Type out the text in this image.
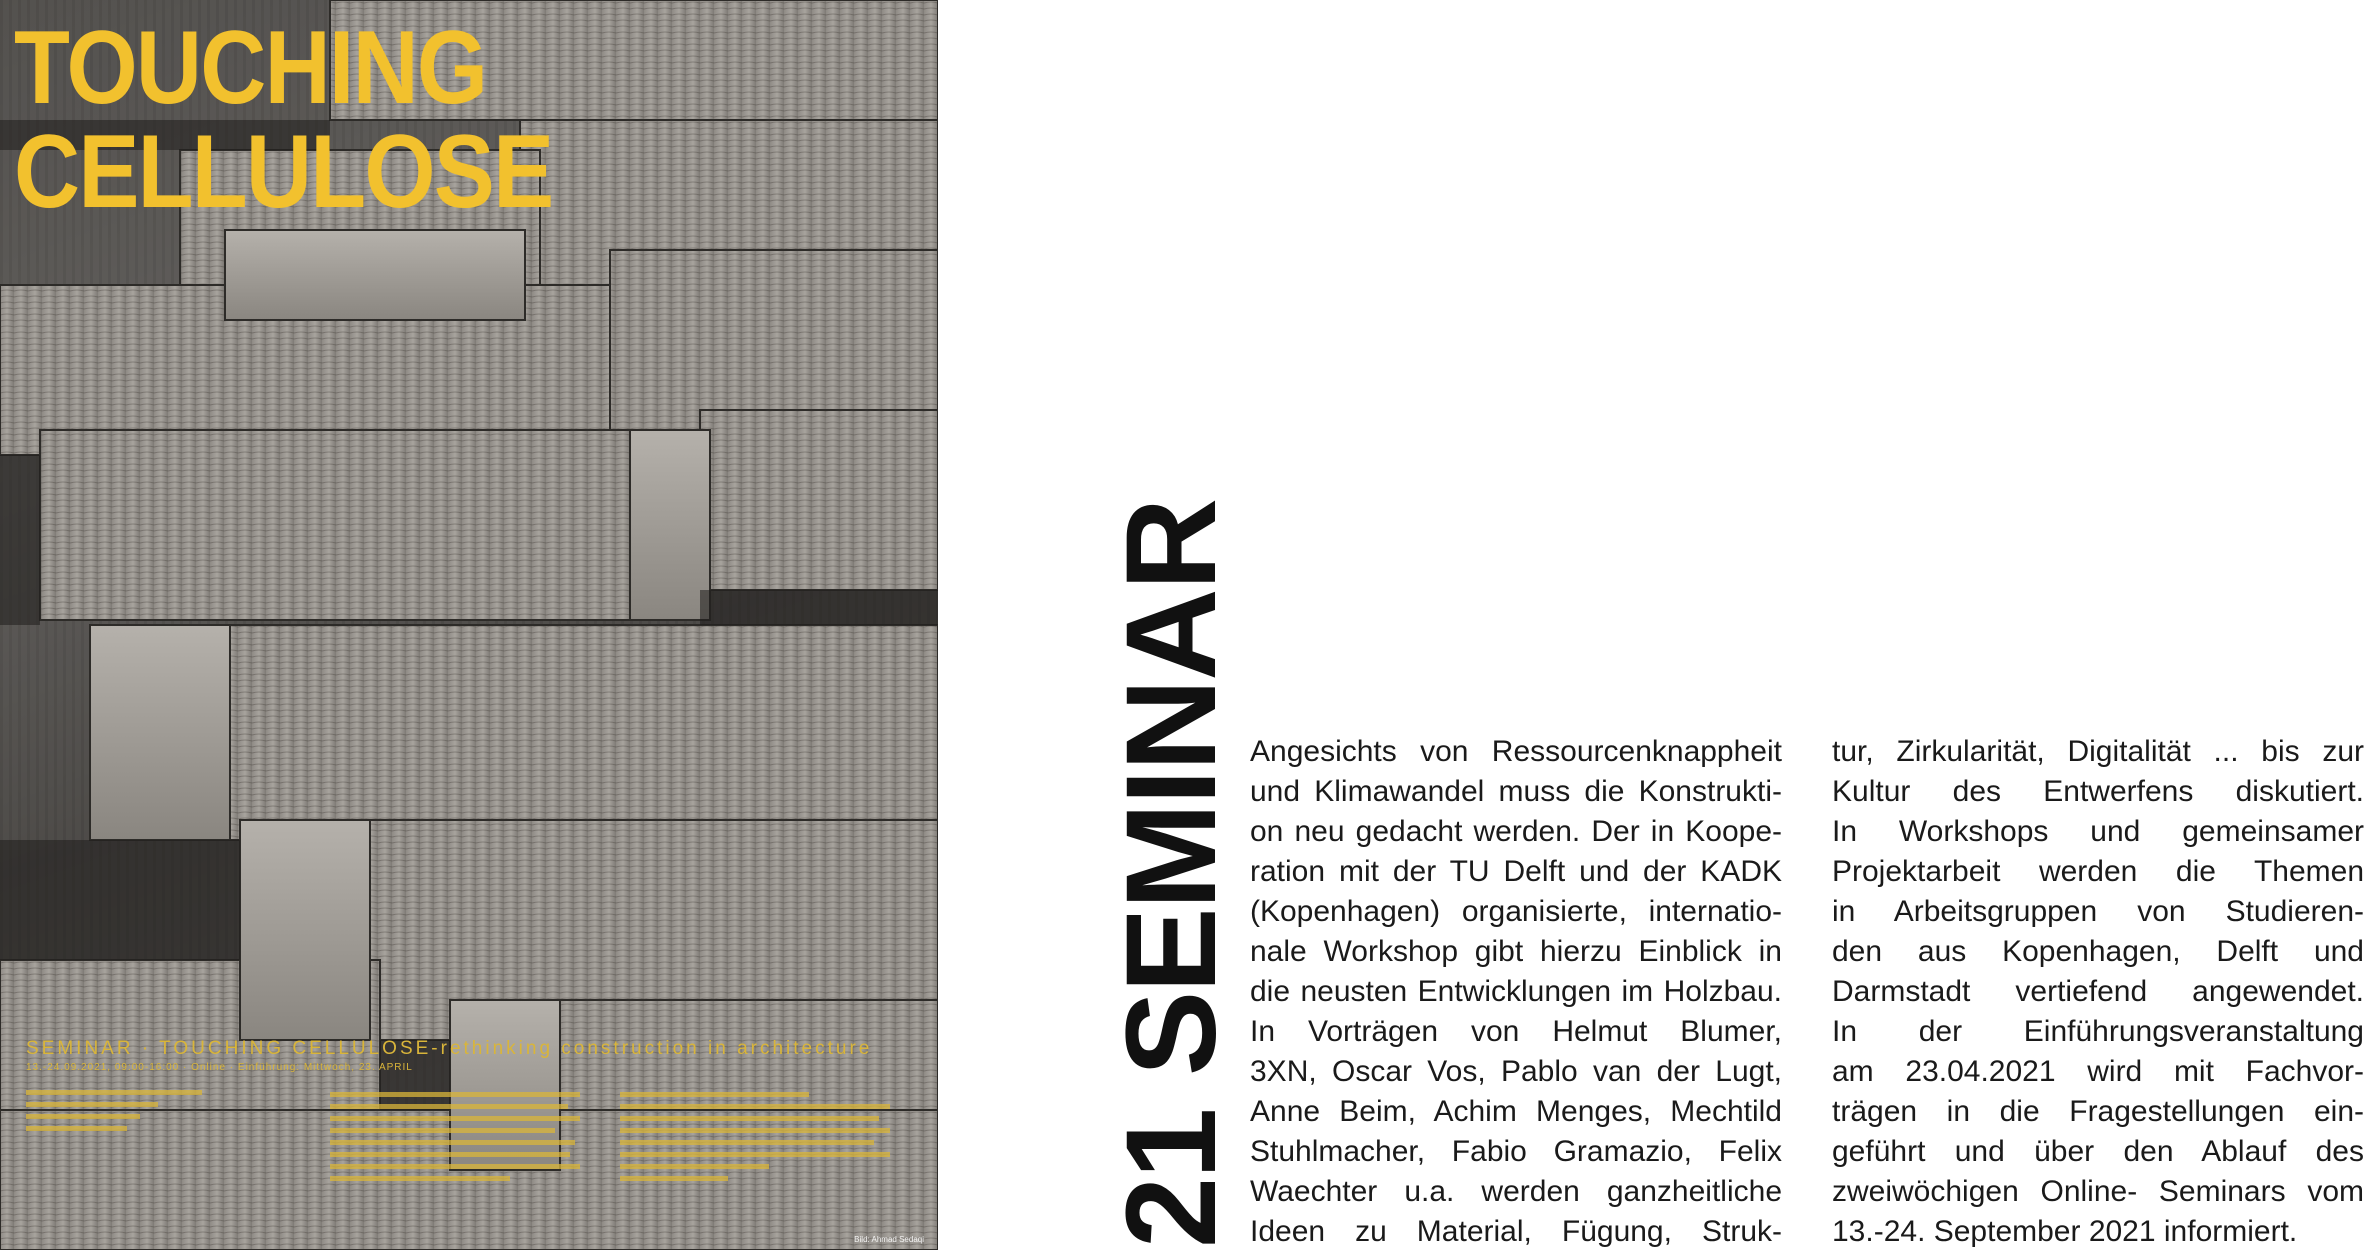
TOUCHING
CELLULOSE
SEMINAR · TOUCHING CELLULOSE-rethinking construction in architecture
13.-24.09.2021, 09:00-16:00 · Online · Einführung: Mittwoch, 23. APRIL
Bild: Ahmad Sedaqi 21 SEMINAR Angesichts von Ressourcenknappheit
und Klimawandel muss die Konstrukti-
on neu gedacht werden. Der in Koope-
ration mit der TU Delft und der KADK
(Kopenhagen) organisierte, internatio-
nale Workshop gibt hierzu Einblick in
die neusten Entwicklungen im Holzbau.
In Vorträgen von Helmut Blumer,
3XN, Oscar Vos, Pablo van der Lugt,
Anne Beim, Achim Menges, Mechtild
Stuhlmacher, Fabio Gramazio, Felix
Waechter u.a. werden ganzheitliche
Ideen zu Material, Fügung, Struk-
tur, Zirkularität, Digitalität ... bis zur
Kultur des Entwerfens diskutiert.
In Workshops und gemeinsamer
Projektarbeit werden die Themen
in Arbeitsgruppen von Studieren-
den aus Kopenhagen, Delft und
Darmstadt vertiefend angewendet.
In der Einführungsveranstaltung
am 23.04.2021 wird mit Fachvor-
trägen in die Fragestellungen ein-
geführt und über den Ablauf des
zweiwöchigen Online- Seminars vom
13.-24. September 2021 informiert.
